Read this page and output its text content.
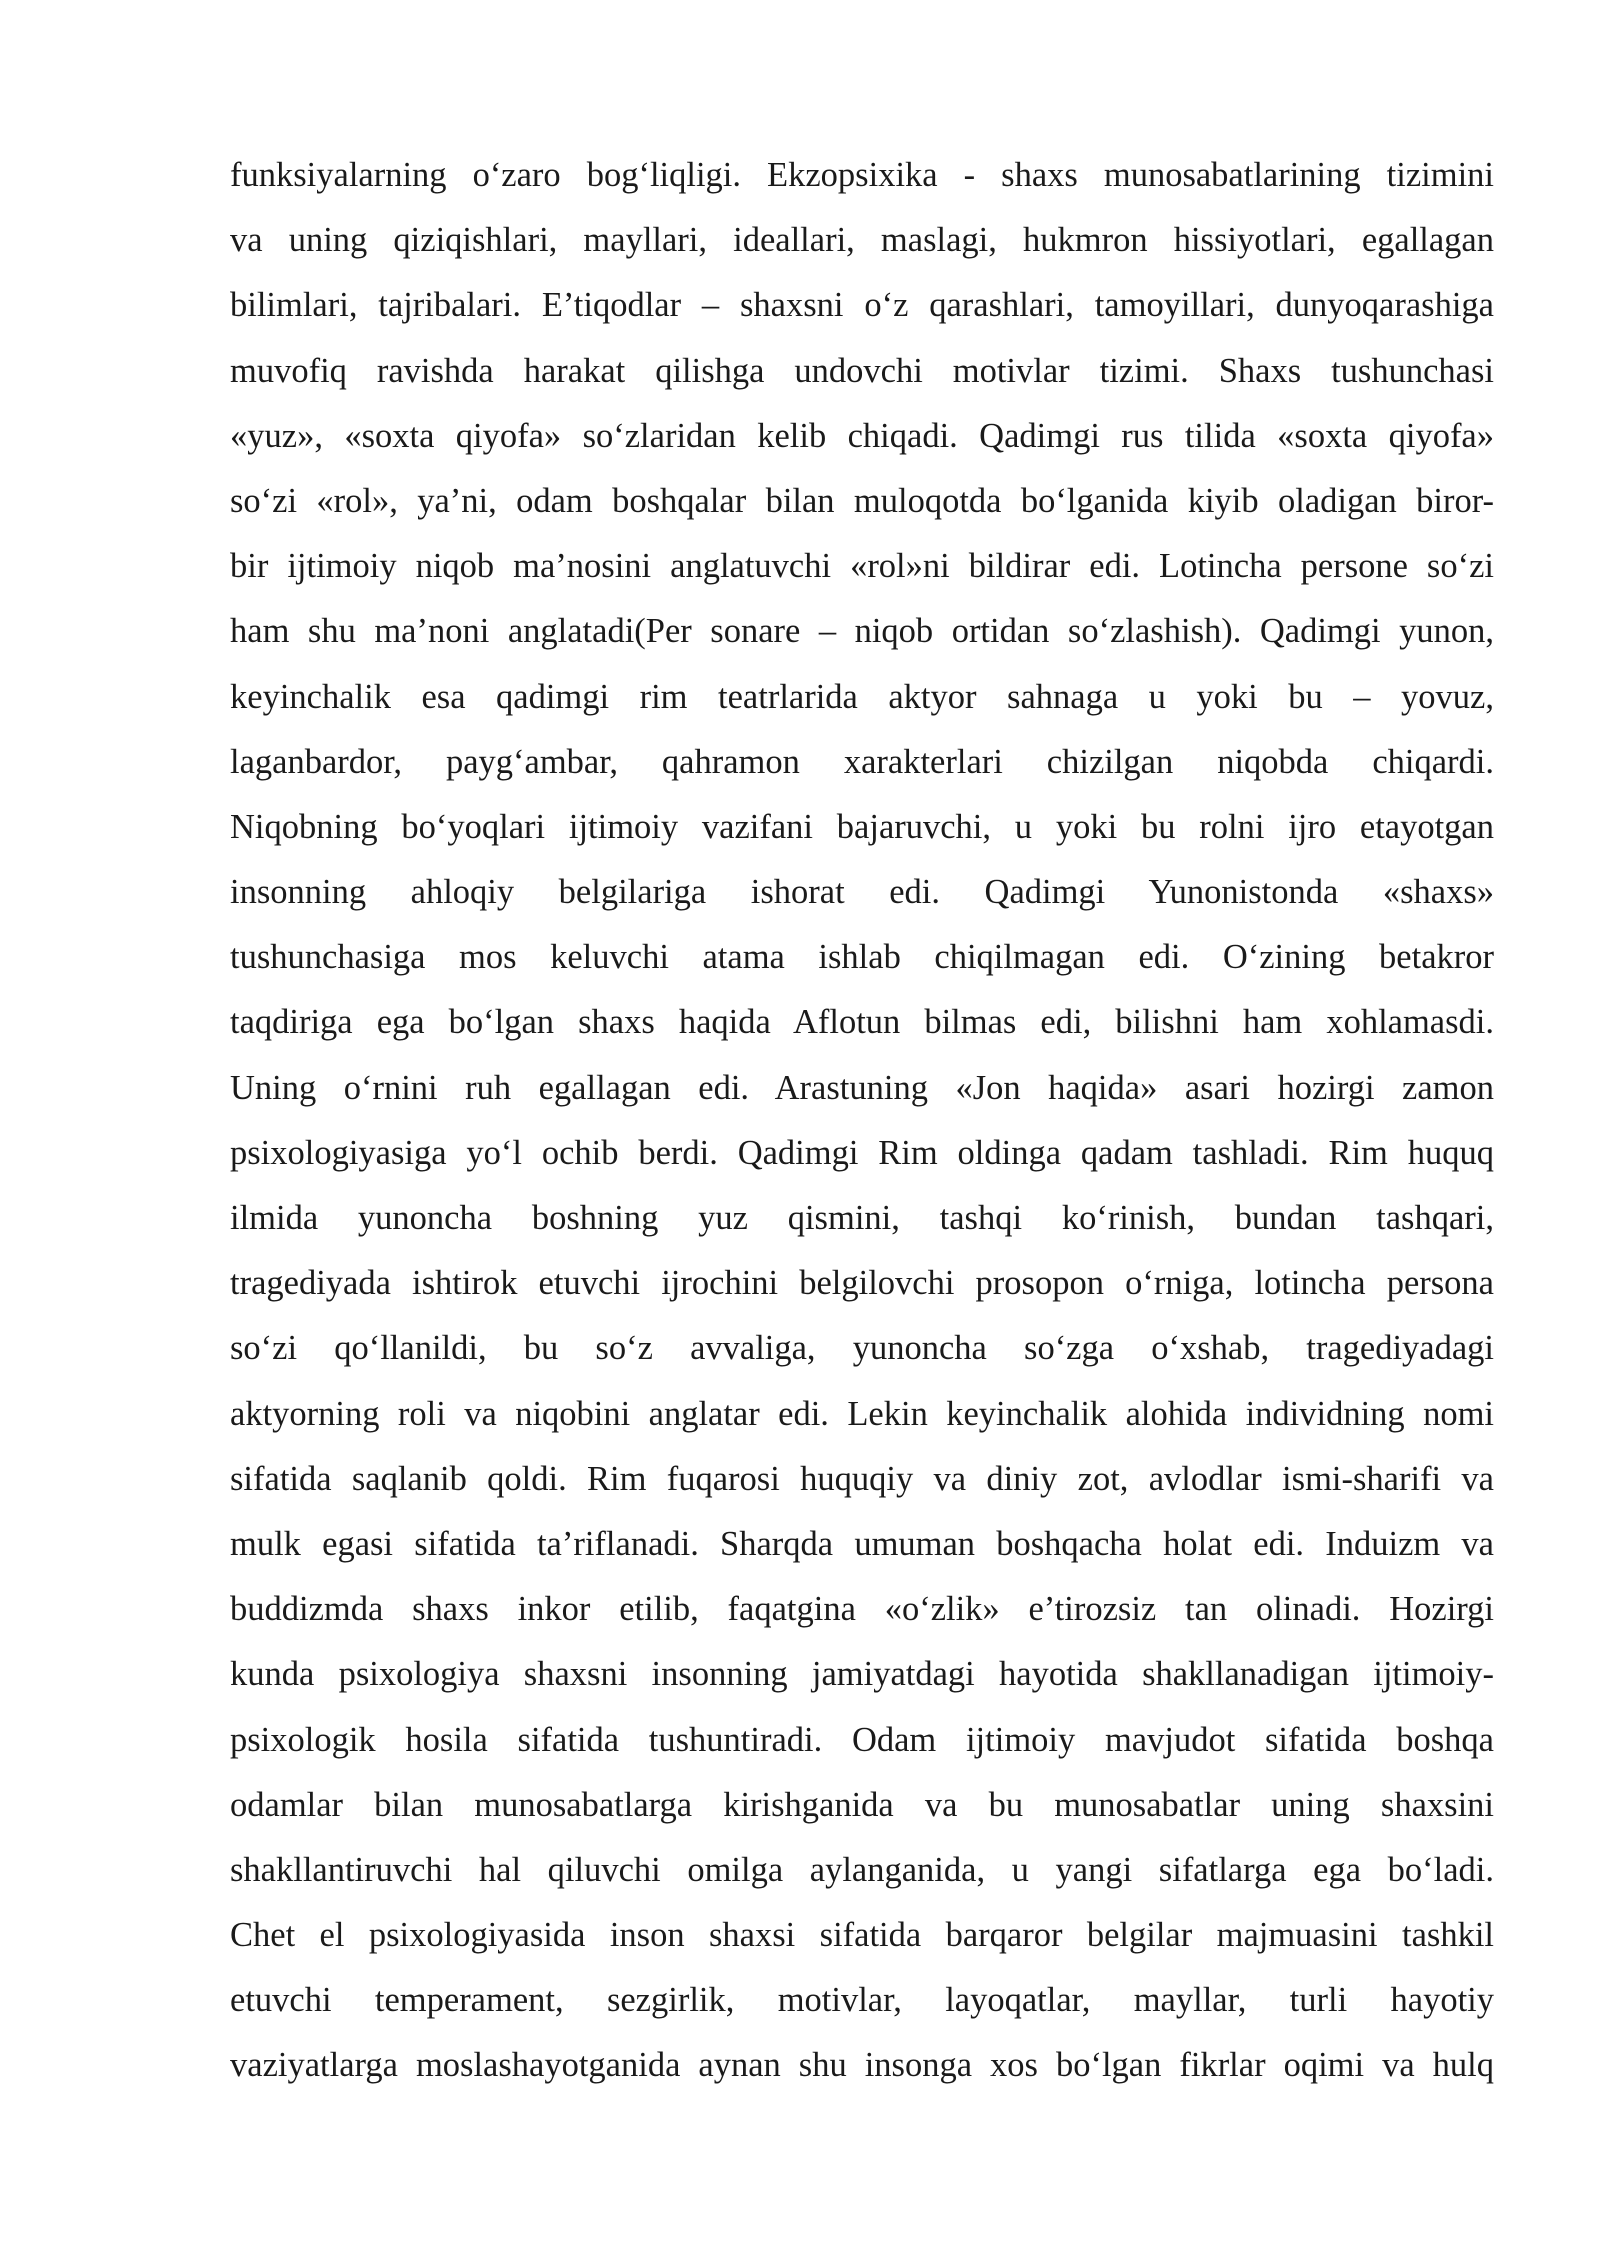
funksiyalarning o‘zaro bog‘liqligi. Ekzopsixika - shaxs munosabatlarining tizimini
va uning qiziqishlari, mayllari, ideallari, maslagi, hukmron hissiyotlari, egallagan
bilimlari, tajribalari. E’tiqodlar – shaxsni o‘z qarashlari, tamoyillari, dunyoqarashiga
muvofiq ravishda harakat qilishga undovchi motivlar tizimi. Shaxs tushunchasi
«yuz», «soxta qiyofa» so‘zlaridan kelib chiqadi. Qadimgi rus tilida «soxta qiyofa»
so‘zi «rol», ya’ni, odam boshqalar bilan muloqotda bo‘lganida kiyib oladigan biror-
bir ijtimoiy niqob ma’nosini anglatuvchi «rol»ni bildirar edi. Lotincha persone so‘zi
ham shu ma’noni anglatadi(Per sonare – niqob ortidan so‘zlashish). Qadimgi yunon,
keyinchalik esa qadimgi rim teatrlarida aktyor sahnaga u yoki bu – yovuz,
laganbardor, payg‘ambar, qahramon xarakterlari chizilgan niqobda chiqardi.
Niqobning bo‘yoqlari ijtimoiy vazifani bajaruvchi, u yoki bu rolni ijro etayotgan
insonning ahloqiy belgilariga ishorat edi. Qadimgi Yunonistonda «shaxs»
tushunchasiga mos keluvchi atama ishlab chiqilmagan edi. O‘zining betakror
taqdiriga ega bo‘lgan shaxs haqida Aflotun bilmas edi, bilishni ham xohlamasdi.
Uning o‘rnini ruh egallagan edi. Arastuning «Jon haqida» asari hozirgi zamon
psixologiyasiga yo‘l ochib berdi. Qadimgi Rim oldinga qadam tashladi. Rim huquq
ilmida yunoncha boshning yuz qismini, tashqi ko‘rinish, bundan tashqari,
tragediyada ishtirok etuvchi ijrochini belgilovchi prosopon o‘rniga, lotincha persona
so‘zi qo‘llanildi, bu so‘z avvaliga, yunoncha so‘zga o‘xshab, tragediyadagi
aktyorning roli va niqobini anglatar edi. Lekin keyinchalik alohida individning nomi
sifatida saqlanib qoldi. Rim fuqarosi huquqiy va diniy zot, avlodlar ismi-sharifi va
mulk egasi sifatida ta’riflanadi. Sharqda umuman boshqacha holat edi. Induizm va
buddizmda shaxs inkor etilib, faqatgina «o‘zlik» e’tirozsiz tan olinadi. Hozirgi
kunda psixologiya shaxsni insonning jamiyatdagi hayotida shakllanadigan ijtimoiy-
psixologik hosila sifatida tushuntiradi. Odam ijtimoiy mavjudot sifatida boshqa
odamlar bilan munosabatlarga kirishganida va bu munosabatlar uning shaxsini
shakllantiruvchi hal qiluvchi omilga aylanganida, u yangi sifatlarga ega bo‘ladi.
Chet el psixologiyasida inson shaxsi sifatida barqaror belgilar majmuasini tashkil
etuvchi temperament, sezgirlik, motivlar, layoqatlar, mayllar, turli hayotiy
vaziyatlarga moslashayotganida aynan shu insonga xos bo‘lgan fikrlar oqimi va hulq
